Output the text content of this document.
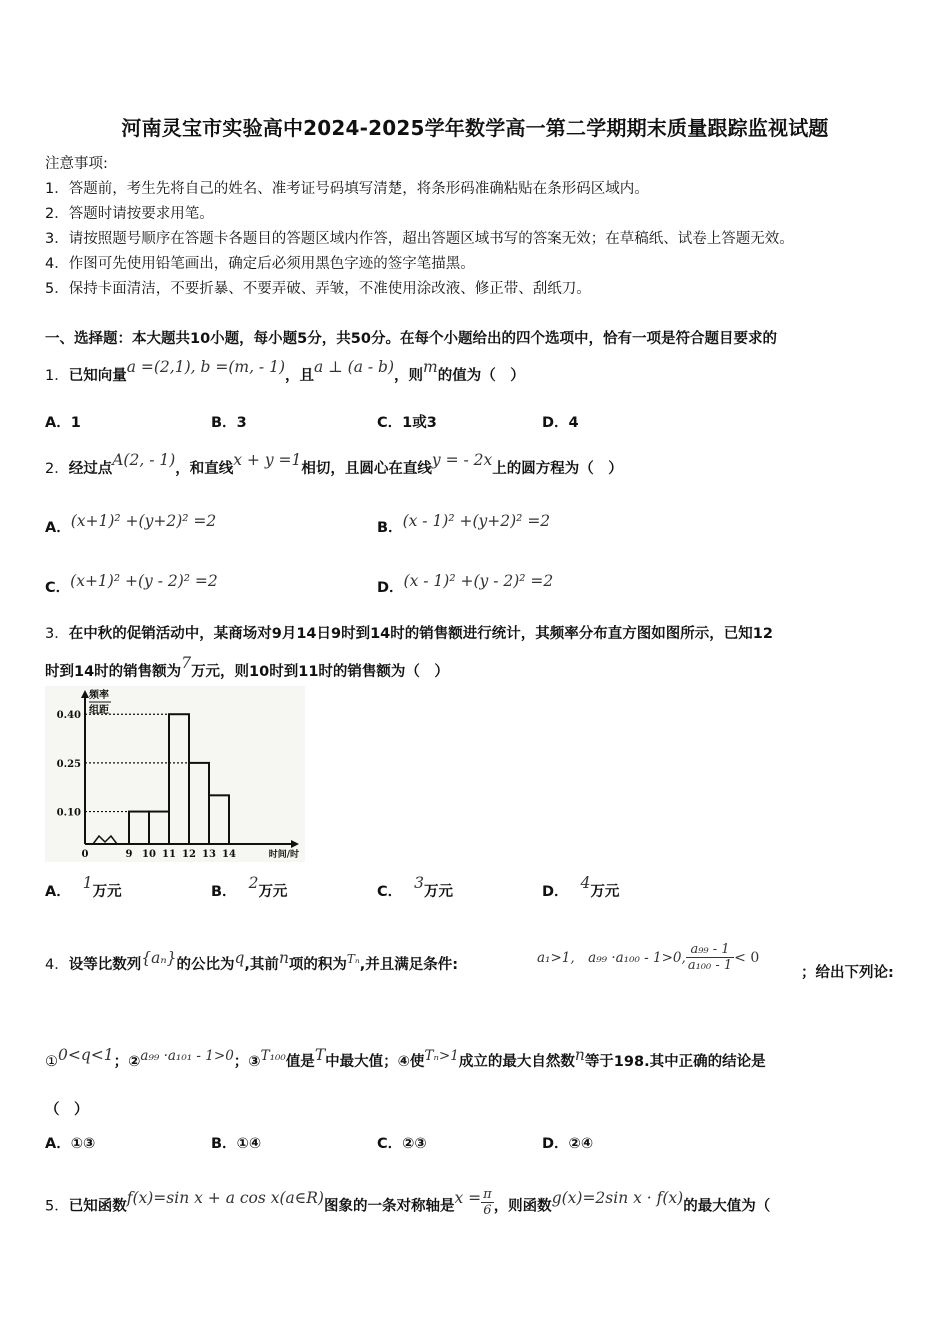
河南灵宝市实验高中2024-2025学年数学高一第二学期期末质量跟踪监视试题
注意事项:
1．答题前，考生先将自己的姓名、准考证号码填写清楚，将条形码准确粘贴在条形码区域内。
2．答题时请按要求用笔。
3．请按照题号顺序在答题卡各题目的答题区域内作答，超出答题区域书写的答案无效；在草稿纸、试卷上答题无效。
4．作图可先使用铅笔画出，确定后必须用黑色字迹的签字笔描黑。
5．保持卡面清洁，不要折暴、不要弄破、弄皱，不准使用涂改液、修正带、刮纸刀。
一、选择题：本大题共10小题，每小题5分，共50分。在每个小题给出的四个选项中，恰有一项是符合题目要求的
1．已知向量a =(2,1), b =(m, - 1)，且a ⊥ (a - b)，则m的值为（　）
A．1	B．3	C．1或3	D．4
2．经过点A(2, - 1)，和直线x + y =1相切，且圆心在直线y = - 2x上的圆方程为（　）
A．(x+1)² +(y+2)² =2	B．(x - 1)² +(y+2)² =2
C．(x+1)² +(y - 2)² =2	D．(x - 1)² +(y - 2)² =2
3．在中秋的促销活动中，某商场对9月14日9时到14时的销售额进行统计，其频率分布直方图如图所示，已知12
时到14时的销售额为7万元，则10时到11时的销售额为（　）
0.40
0.25
0.10
0	9 10 11 12 13 14
频率
组距
时间/时
A． 1万元	B． 2万元	C． 3万元	D． 4万元
4．设等比数列{aₙ}的公比为q,其前n项的积为$^{T_n}$,并且满足条件:	a₁>1,　a₉₉ ·a₁₀₀ - 1>0, $\frac{\text{a₉₉ - 1}}{\text{a₁₀₀ - 1}} < 0$
；给出下列论:
①0<q<1；②a₉₉ ·a₁₀₁ - 1>0；③T₁₀₀值是T中最大值；④使Tₙ>1成立的最大自然数n等于198.其中正确的结论是
（　）
A．①③	B．①④	C．②③	D．②④
5．已知函数f(x)=sin x + a cos x(a∈R)图象的一条对称轴是$x = \frac{\pi}{6}$ ，则函数g(x)=2sin x · f(x)的最大值为（
